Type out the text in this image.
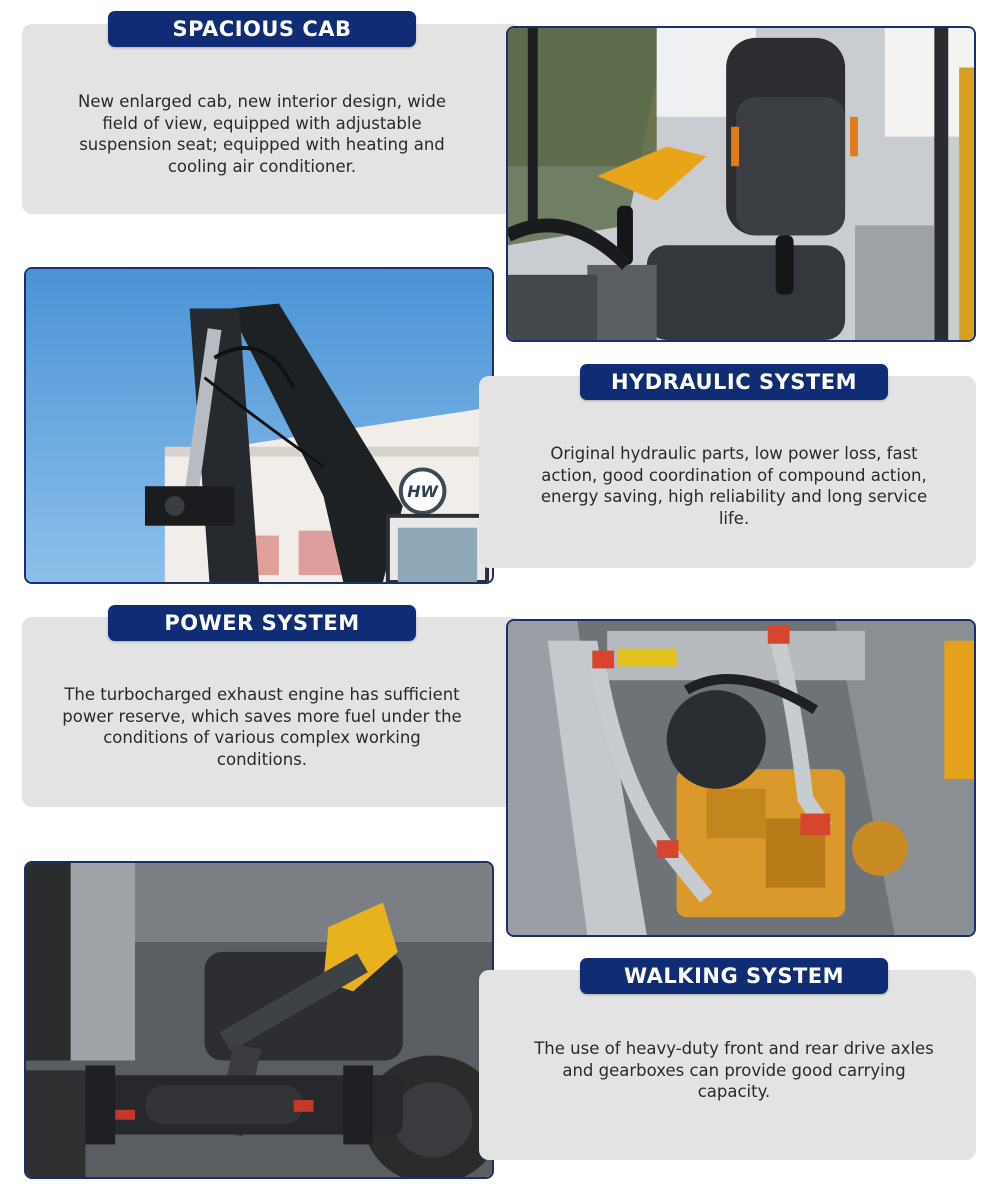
SPACIOUS CAB
New enlarged cab, new interior design, wide field of view, equipped with adjustable suspension seat; equipped with heating and cooling air conditioner.
HW
HYDRAULIC SYSTEM
Original hydraulic parts, low power loss, fast action, good coordination of compound action, energy saving, high reliability and long service life.
POWER SYSTEM
The turbocharged exhaust engine has sufficient power reserve, which saves more fuel under the conditions of various complex working conditions.
WALKING SYSTEM
The use of heavy-duty front and rear drive axles and gearboxes can provide good carrying capacity.
